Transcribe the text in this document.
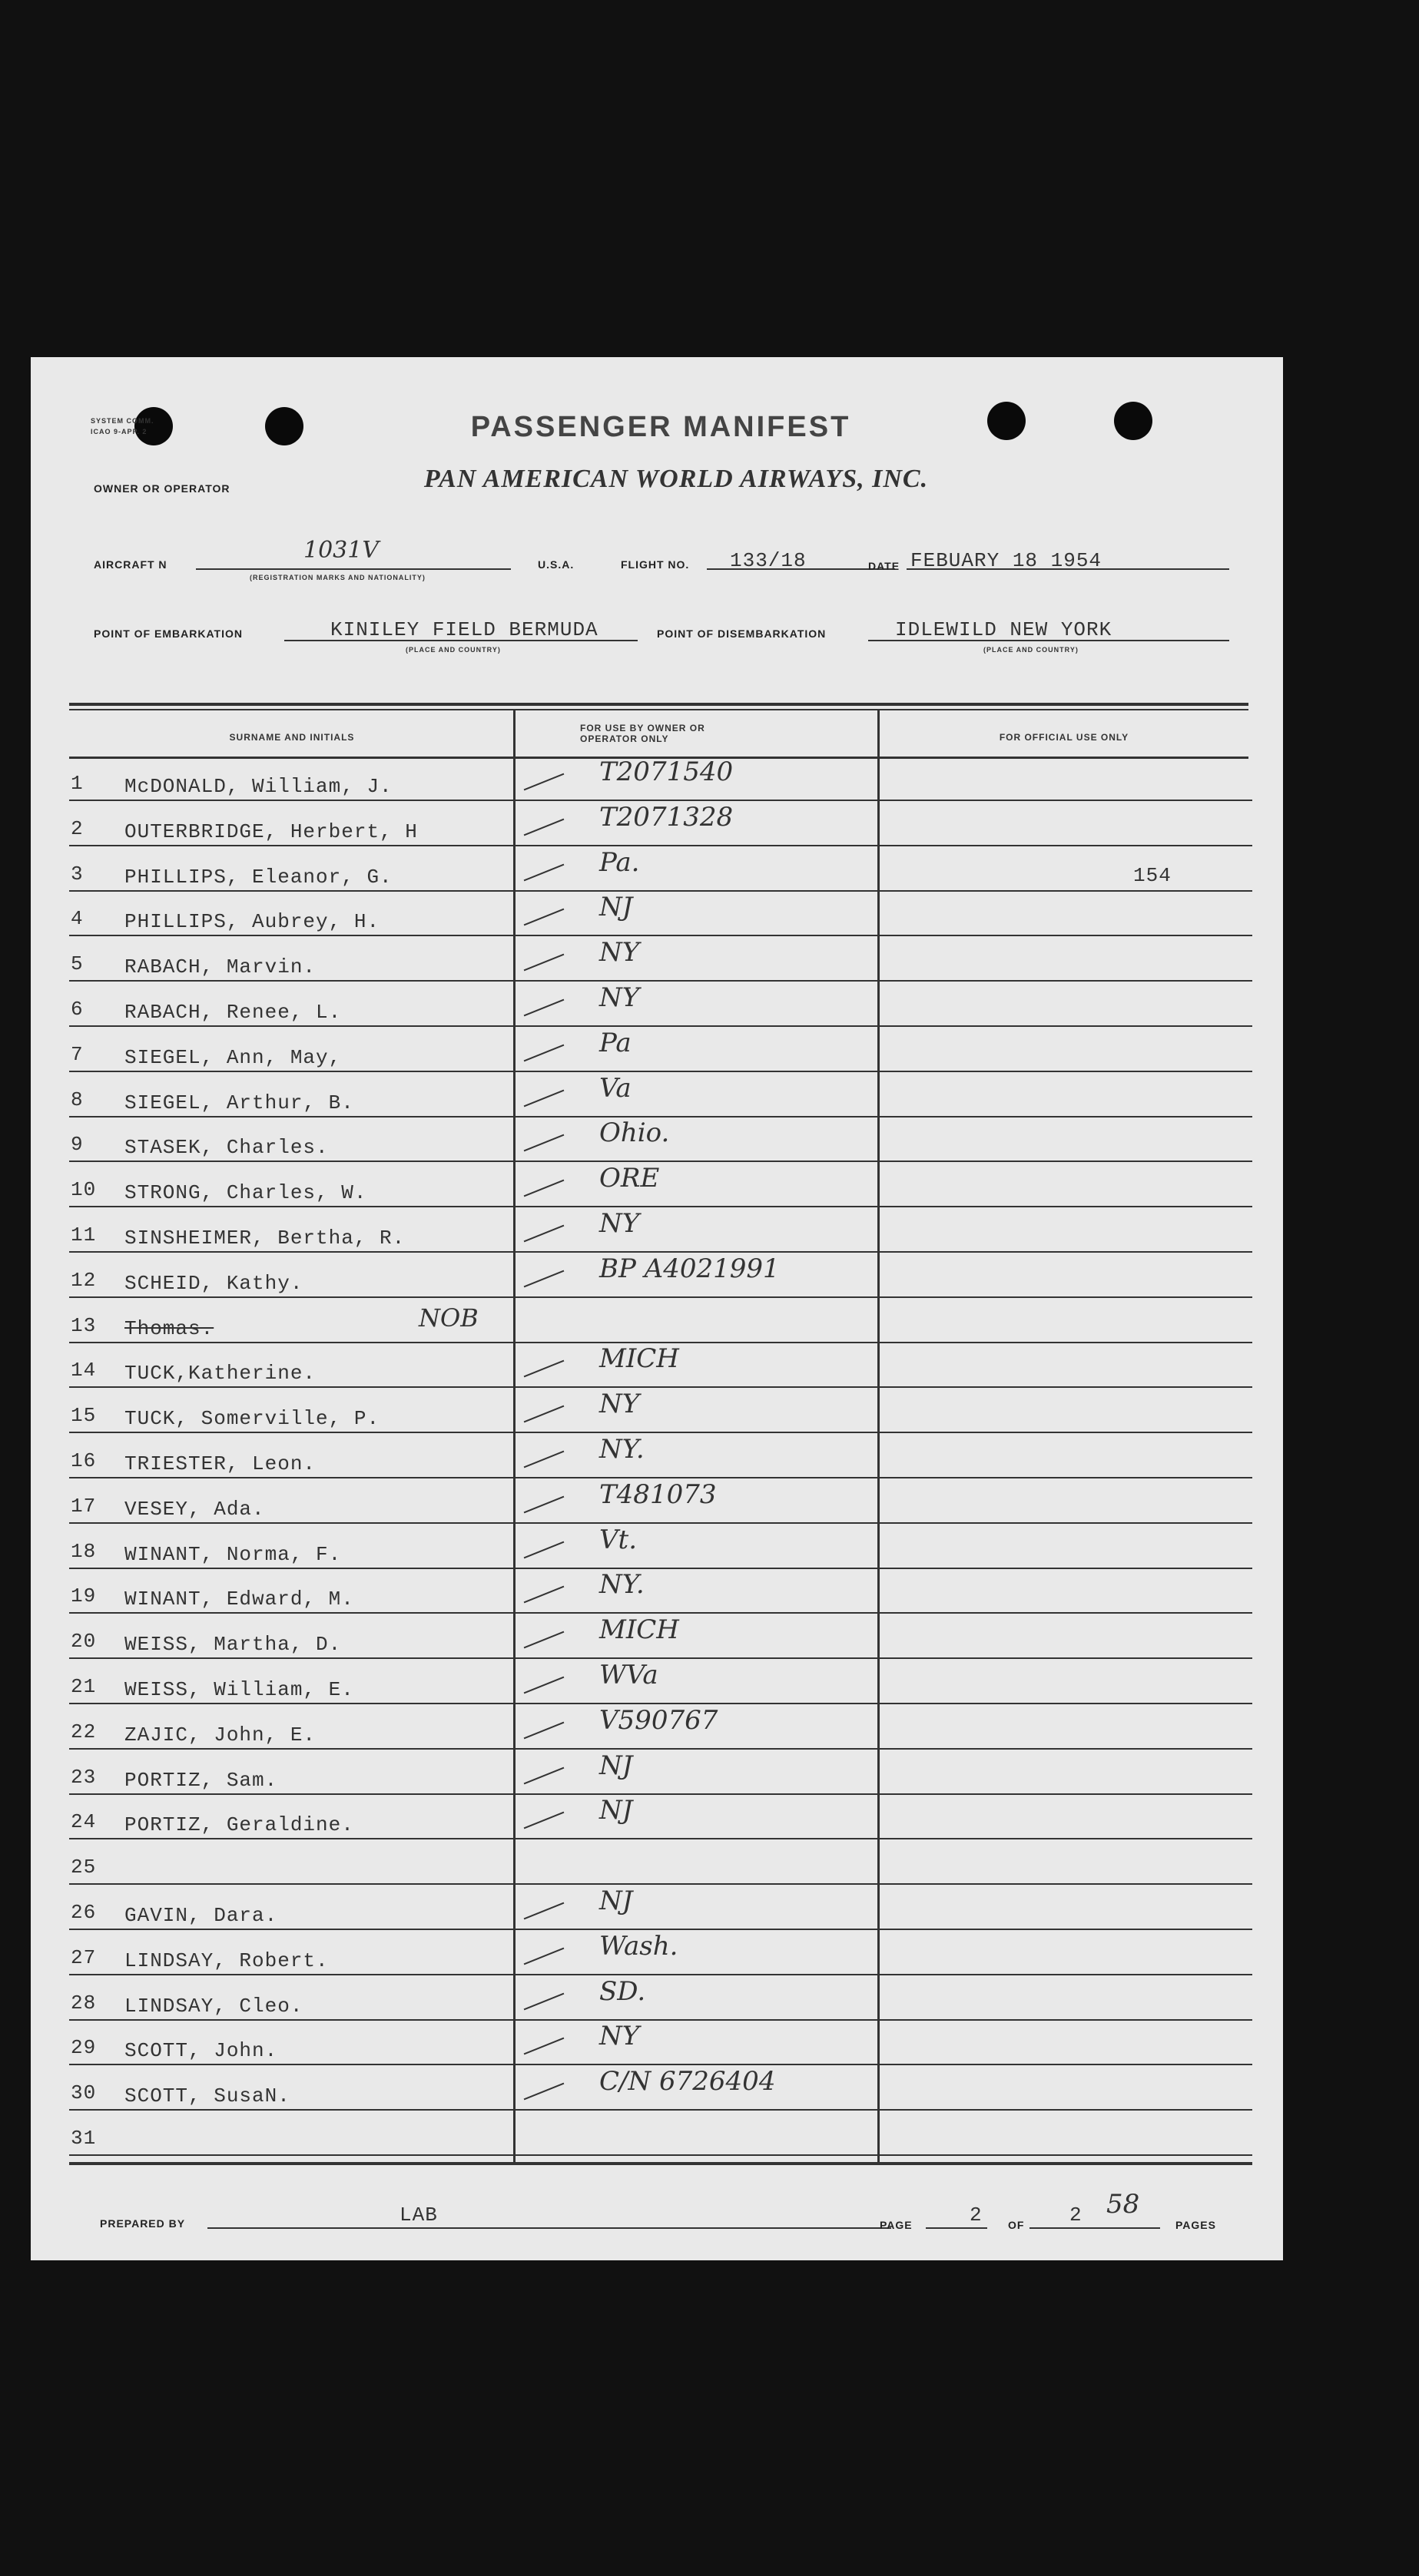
SYSTEM COMM.
ICAO 9-APP. 2	PASSENGER MANIFEST
OWNER OR OPERATOR	PAN AMERICAN WORLD AIRWAYS, INC.
AIRCRAFT N
1031V
(REGISTRATION MARKS AND NATIONALITY)
U.S.A.	FLIGHT NO. 133/18	DATE FEBUARY 18 1954
POINT OF EMBARKATION	KINILEY FIELD BERMUDA
(PLACE AND COUNTRY)
POINT OF DISEMBARKATION	IDLEWILD NEW YORK
(PLACE AND COUNTRY)
SURNAME AND INITIALS
FOR USE BY OWNER OR OPERATOR ONLY	FOR OFFICIAL USE ONLY
1 McDONALD, William, J.	T2071540
2 OUTERBRIDGE, Herbert, H	T2071328
3 PHILLIPS, Eleanor, G.	Pa.	154
4 PHILLIPS, Aubrey, H.	NJ
5 RABACH, Marvin.	NY
6 RABACH, Renee, L.	NY
7 SIEGEL, Ann, May,	Pa
8 SIEGEL, Arthur, B.	Va
9 STASEK, Charles.	Ohio.
10 STRONG, Charles, W.	ORE
11 SINSHEIMER, Bertha, R.	NY
12 SCHEID, Kathy.	BP A4021991
13 Thomas.	NOB
14 TUCK,Katherine.	MICH
15 TUCK, Somerville, P.	NY
16 TRIESTER, Leon.	NY.
17 VESEY, Ada.	T481073
18 WINANT, Norma, F.	Vt.
19 WINANT, Edward, M.	NY.
20 WEISS, Martha, D.	MICH
21 WEISS, William, E.	WVa
22 ZAJIC, John, E.	V590767
23 PORTIZ, Sam.	NJ
24 PORTIZ, Geraldine.	NJ
25
26 GAVIN, Dara.	NJ
27 LINDSAY, Robert.	Wash.
28 LINDSAY, Cleo.	SD.
29 SCOTT, John.	NY
30 SCOTT, SusaN.	C/N 6726404
31
PREPARED BY	LAB	PAGE	2 OF 2 58
PAGES
